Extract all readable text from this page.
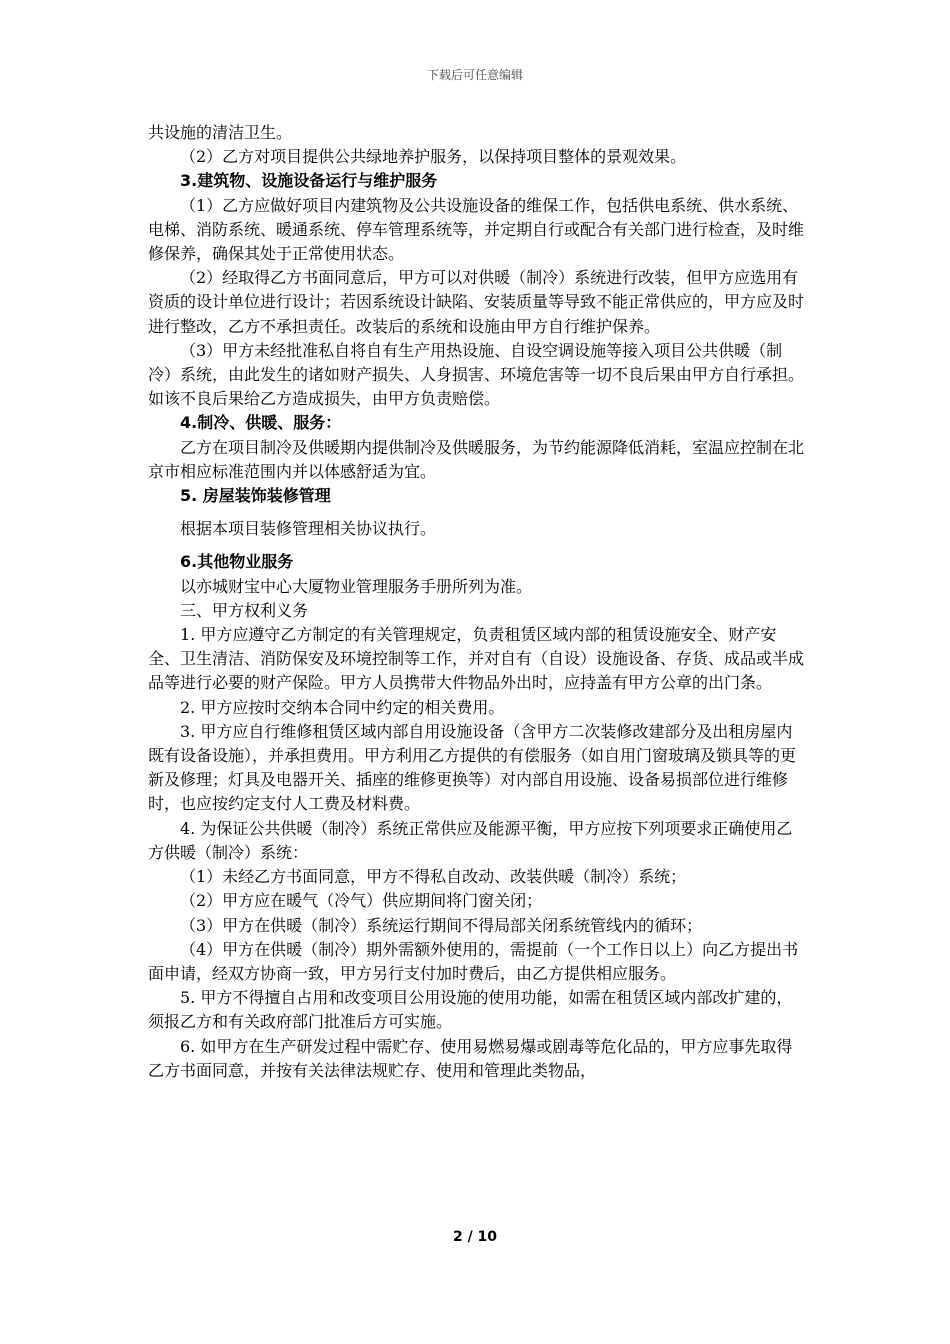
下载后可任意编辑

共设施的清洁卫生。

（2）乙方对项目提供公共绿地养护服务，以保持项目整体的景观效果。

3.建筑物、设施设备运行与维护服务

（1）乙方应做好项目内建筑物及公共设施设备的维保工作，包括供电系统、供水系统、电梯、消防系统、暖通系统、停车管理系统等，并定期自行或配合有关部门进行检查，及时维修保养，确保其处于正常使用状态。

（2）经取得乙方书面同意后，甲方可以对供暖（制冷）系统进行改装，但甲方应选用有资质的设计单位进行设计；若因系统设计缺陷、安装质量等导致不能正常供应的，甲方应及时进行整改，乙方不承担责任。改装后的系统和设施由甲方自行维护保养。

（3）甲方未经批准私自将自有生产用热设施、自设空调设施等接入项目公共供暖（制冷）系统，由此发生的诸如财产损失、人身损害、环境危害等一切不良后果由甲方自行承担。如该不良后果给乙方造成损失，由甲方负责赔偿。

4.制冷、供暖、服务：

乙方在项目制冷及供暖期内提供制冷及供暖服务，为节约能源降低消耗，室温应控制在北京市相应标准范围内并以体感舒适为宜。

5. 房屋装饰装修管理

根据本项目装修管理相关协议执行。

6.其他物业服务

以亦城财宝中心大厦物业管理服务手册所列为准。

三、甲方权利义务

1. 甲方应遵守乙方制定的有关管理规定，负责租赁区域内部的租赁设施安全、财产安全、卫生清洁、消防保安及环境控制等工作，并对自有（自设）设施设备、存货、成品或半成品等进行必要的财产保险。甲方人员携带大件物品外出时，应持盖有甲方公章的出门条。

2. 甲方应按时交纳本合同中约定的相关费用。

3. 甲方应自行维修租赁区域内部自用设施设备（含甲方二次装修改建部分及出租房屋内既有设备设施），并承担费用。甲方利用乙方提供的有偿服务（如自用门窗玻璃及锁具等的更新及修理；灯具及电器开关、插座的维修更换等）对内部自用设施、设备易损部位进行维修时，也应按约定支付人工费及材料费。

4. 为保证公共供暖（制冷）系统正常供应及能源平衡，甲方应按下列项要求正确使用乙方供暖（制冷）系统：

（1）未经乙方书面同意，甲方不得私自改动、改装供暖（制冷）系统；

（2）甲方应在暖气（冷气）供应期间将门窗关闭；

（3）甲方在供暖（制冷）系统运行期间不得局部关闭系统管线内的循环；

（4）甲方在供暖（制冷）期外需额外使用的，需提前（一个工作日以上）向乙方提出书面申请，经双方协商一致，甲方另行支付加时费后，由乙方提供相应服务。

5. 甲方不得擅自占用和改变项目公用设施的使用功能，如需在租赁区域内部改扩建的，须报乙方和有关政府部门批准后方可实施。

6. 如甲方在生产研发过程中需贮存、使用易燃易爆或剧毒等危化品的，甲方应事先取得乙方书面同意，并按有关法律法规贮存、使用和管理此类物品，

2 / 10
